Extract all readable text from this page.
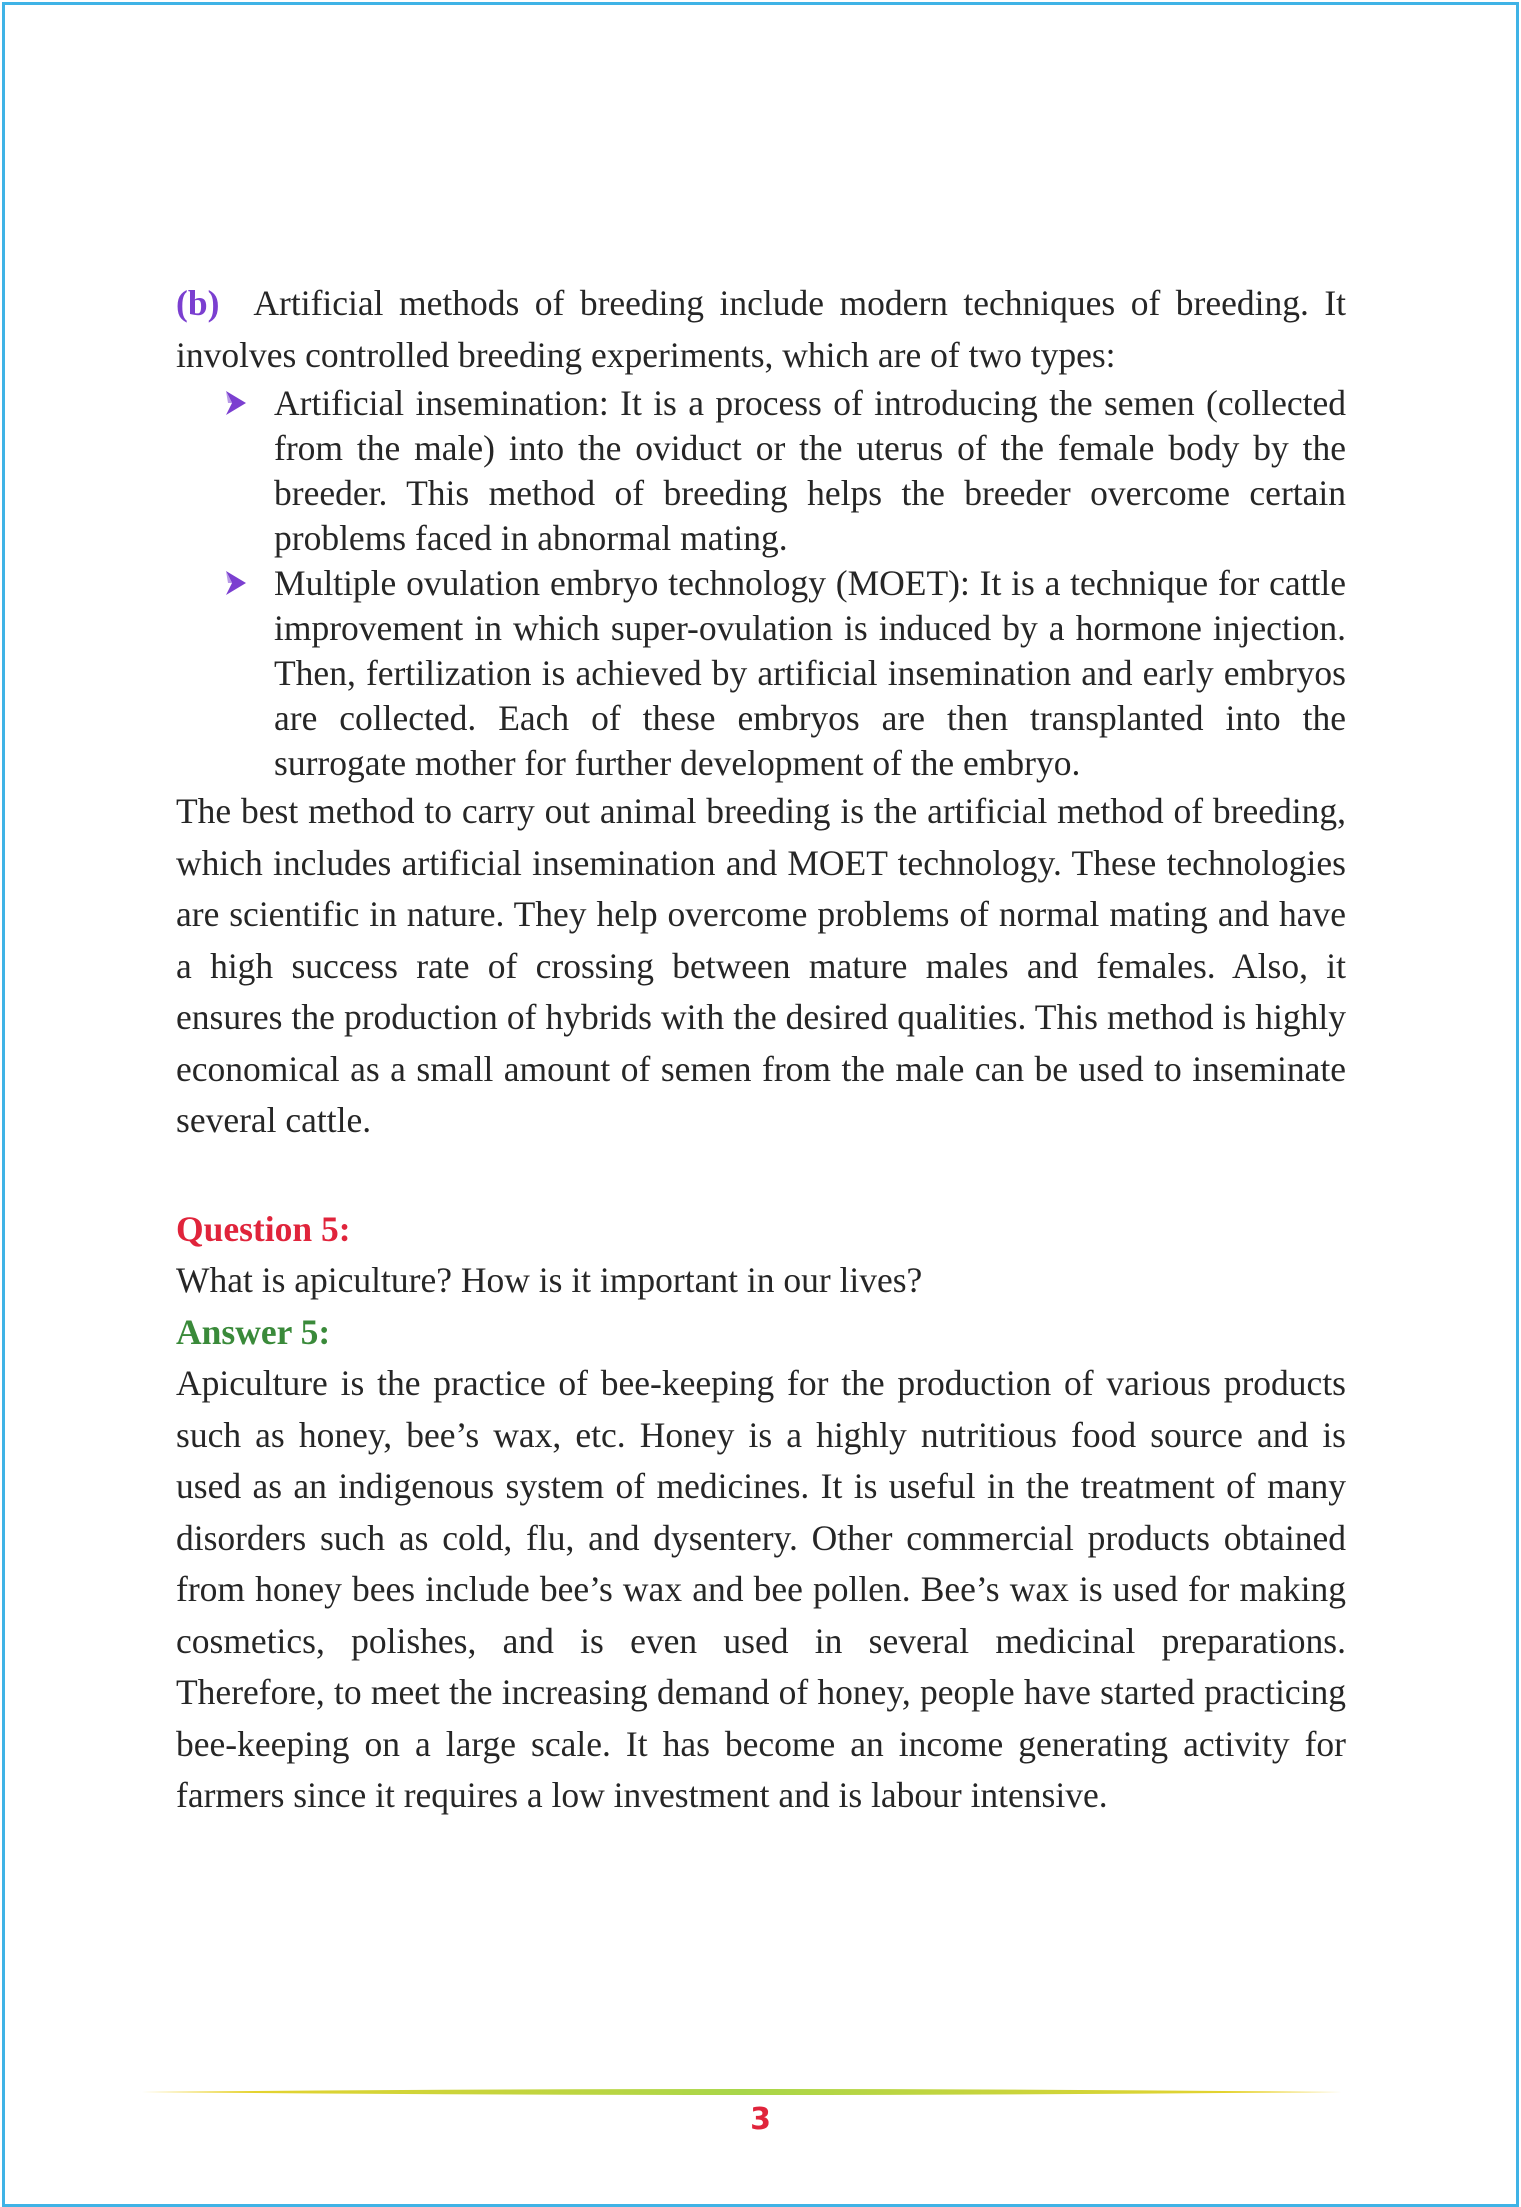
(b) Artificial methods of breeding include modern techniques of breeding. It involves controlled breeding experiments, which are of two types:

Artificial insemination: It is a process of introducing the semen (collected from the male) into the oviduct or the uterus of the female body by the breeder. This method of breeding helps the breeder overcome certain problems faced in abnormal mating.
Multiple ovulation embryo technology (MOET): It is a technique for cattle improvement in which super-ovulation is induced by a hormone injection. Then, fertilization is achieved by artificial insemination and early embryos are collected. Each of these embryos are then transplanted into the surrogate mother for further development of the embryo.

The best method to carry out animal breeding is the artificial method of breeding, which includes artificial insemination and MOET technology. These technologies are scientific in nature. They help overcome problems of normal mating and have a high success rate of crossing between mature males and females. Also, it ensures the production of hybrids with the desired qualities. This method is highly economical as a small amount of semen from the male can be used to inseminate several cattle.

Question 5:

What is apiculture? How is it important in our lives?

Answer 5:

Apiculture is the practice of bee-keeping for the production of various products such as honey, bee’s wax, etc. Honey is a highly nutritious food source and is used as an indigenous system of medicines. It is useful in the treatment of many disorders such as cold, flu, and dysentery. Other commercial products obtained from honey bees include bee’s wax and bee pollen. Bee’s wax is used for making cosmetics, polishes, and is even used in several medicinal preparations. Therefore, to meet the increasing demand of honey, people have started practicing bee-keeping on a large scale. It has become an income generating activity for farmers since it requires a low investment and is labour intensive.

3
